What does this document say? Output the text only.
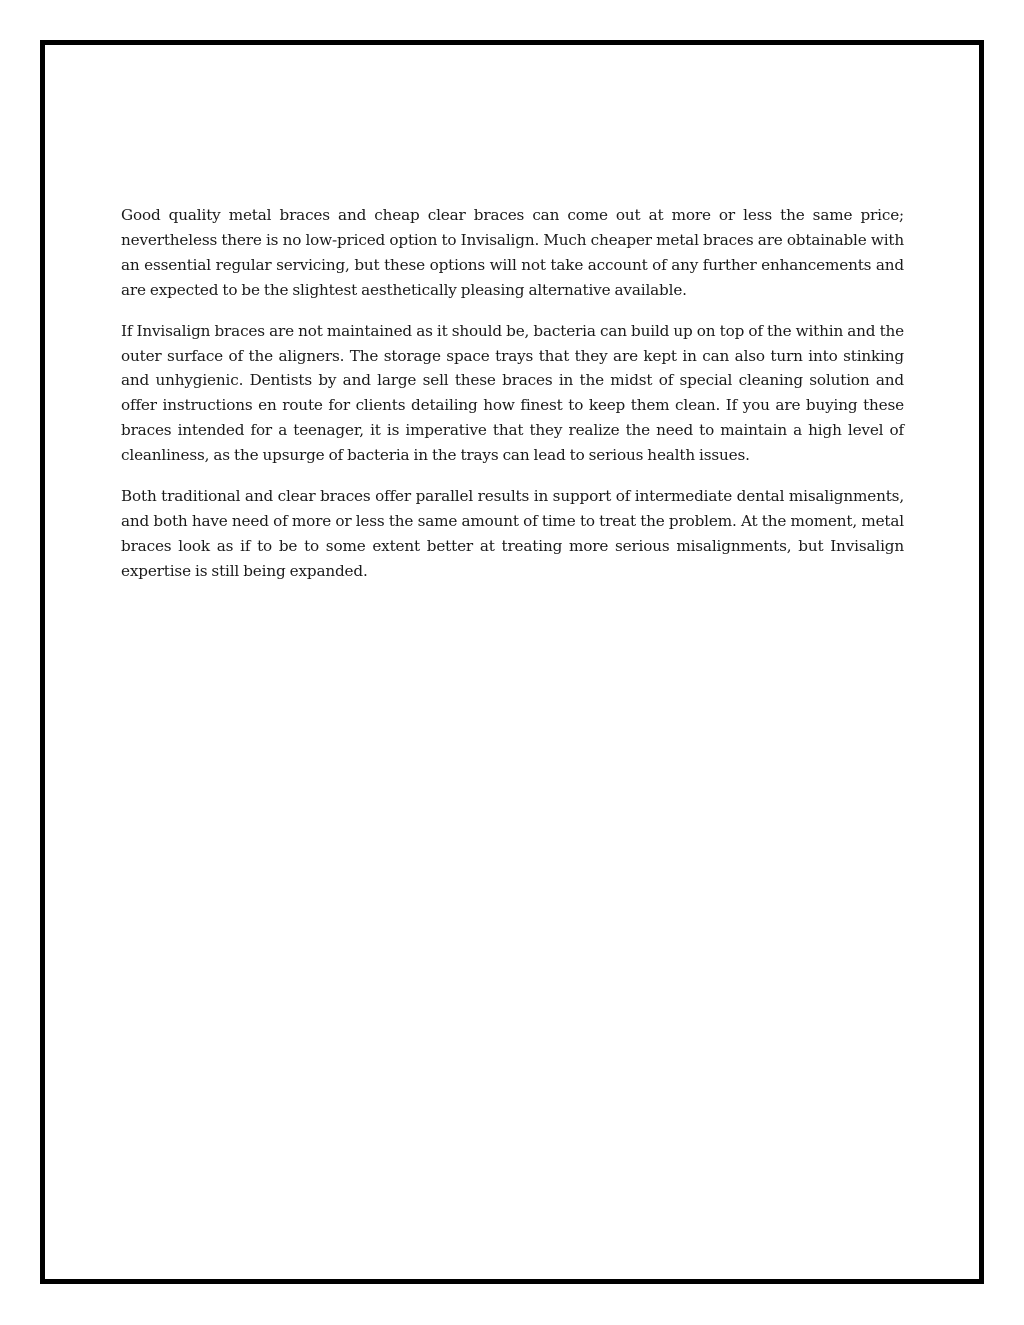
Good quality metal braces and cheap clear braces can come out at more or less the same price; nevertheless there is no low-priced option to Invisalign. Much cheaper metal braces are obtainable with an essential regular servicing, but these options will not take account of any further enhancements and are expected to be the slightest aesthetically pleasing alternative available.

If Invisalign braces are not maintained as it should be, bacteria can build up on top of the within and the outer surface of the aligners. The storage space trays that they are kept in can also turn into stinking and unhygienic. Dentists by and large sell these braces in the midst of special cleaning solution and offer instructions en route for clients detailing how finest to keep them clean. If you are buying these braces intended for a teenager, it is imperative that they realize the need to maintain a high level of cleanliness, as the upsurge of bacteria in the trays can lead to serious health issues.

Both traditional and clear braces offer parallel results in support of intermediate dental misalignments, and both have need of more or less the same amount of time to treat the problem. At the moment, metal braces look as if to be to some extent better at treating more serious misalignments, but Invisalign expertise is still being expanded.
